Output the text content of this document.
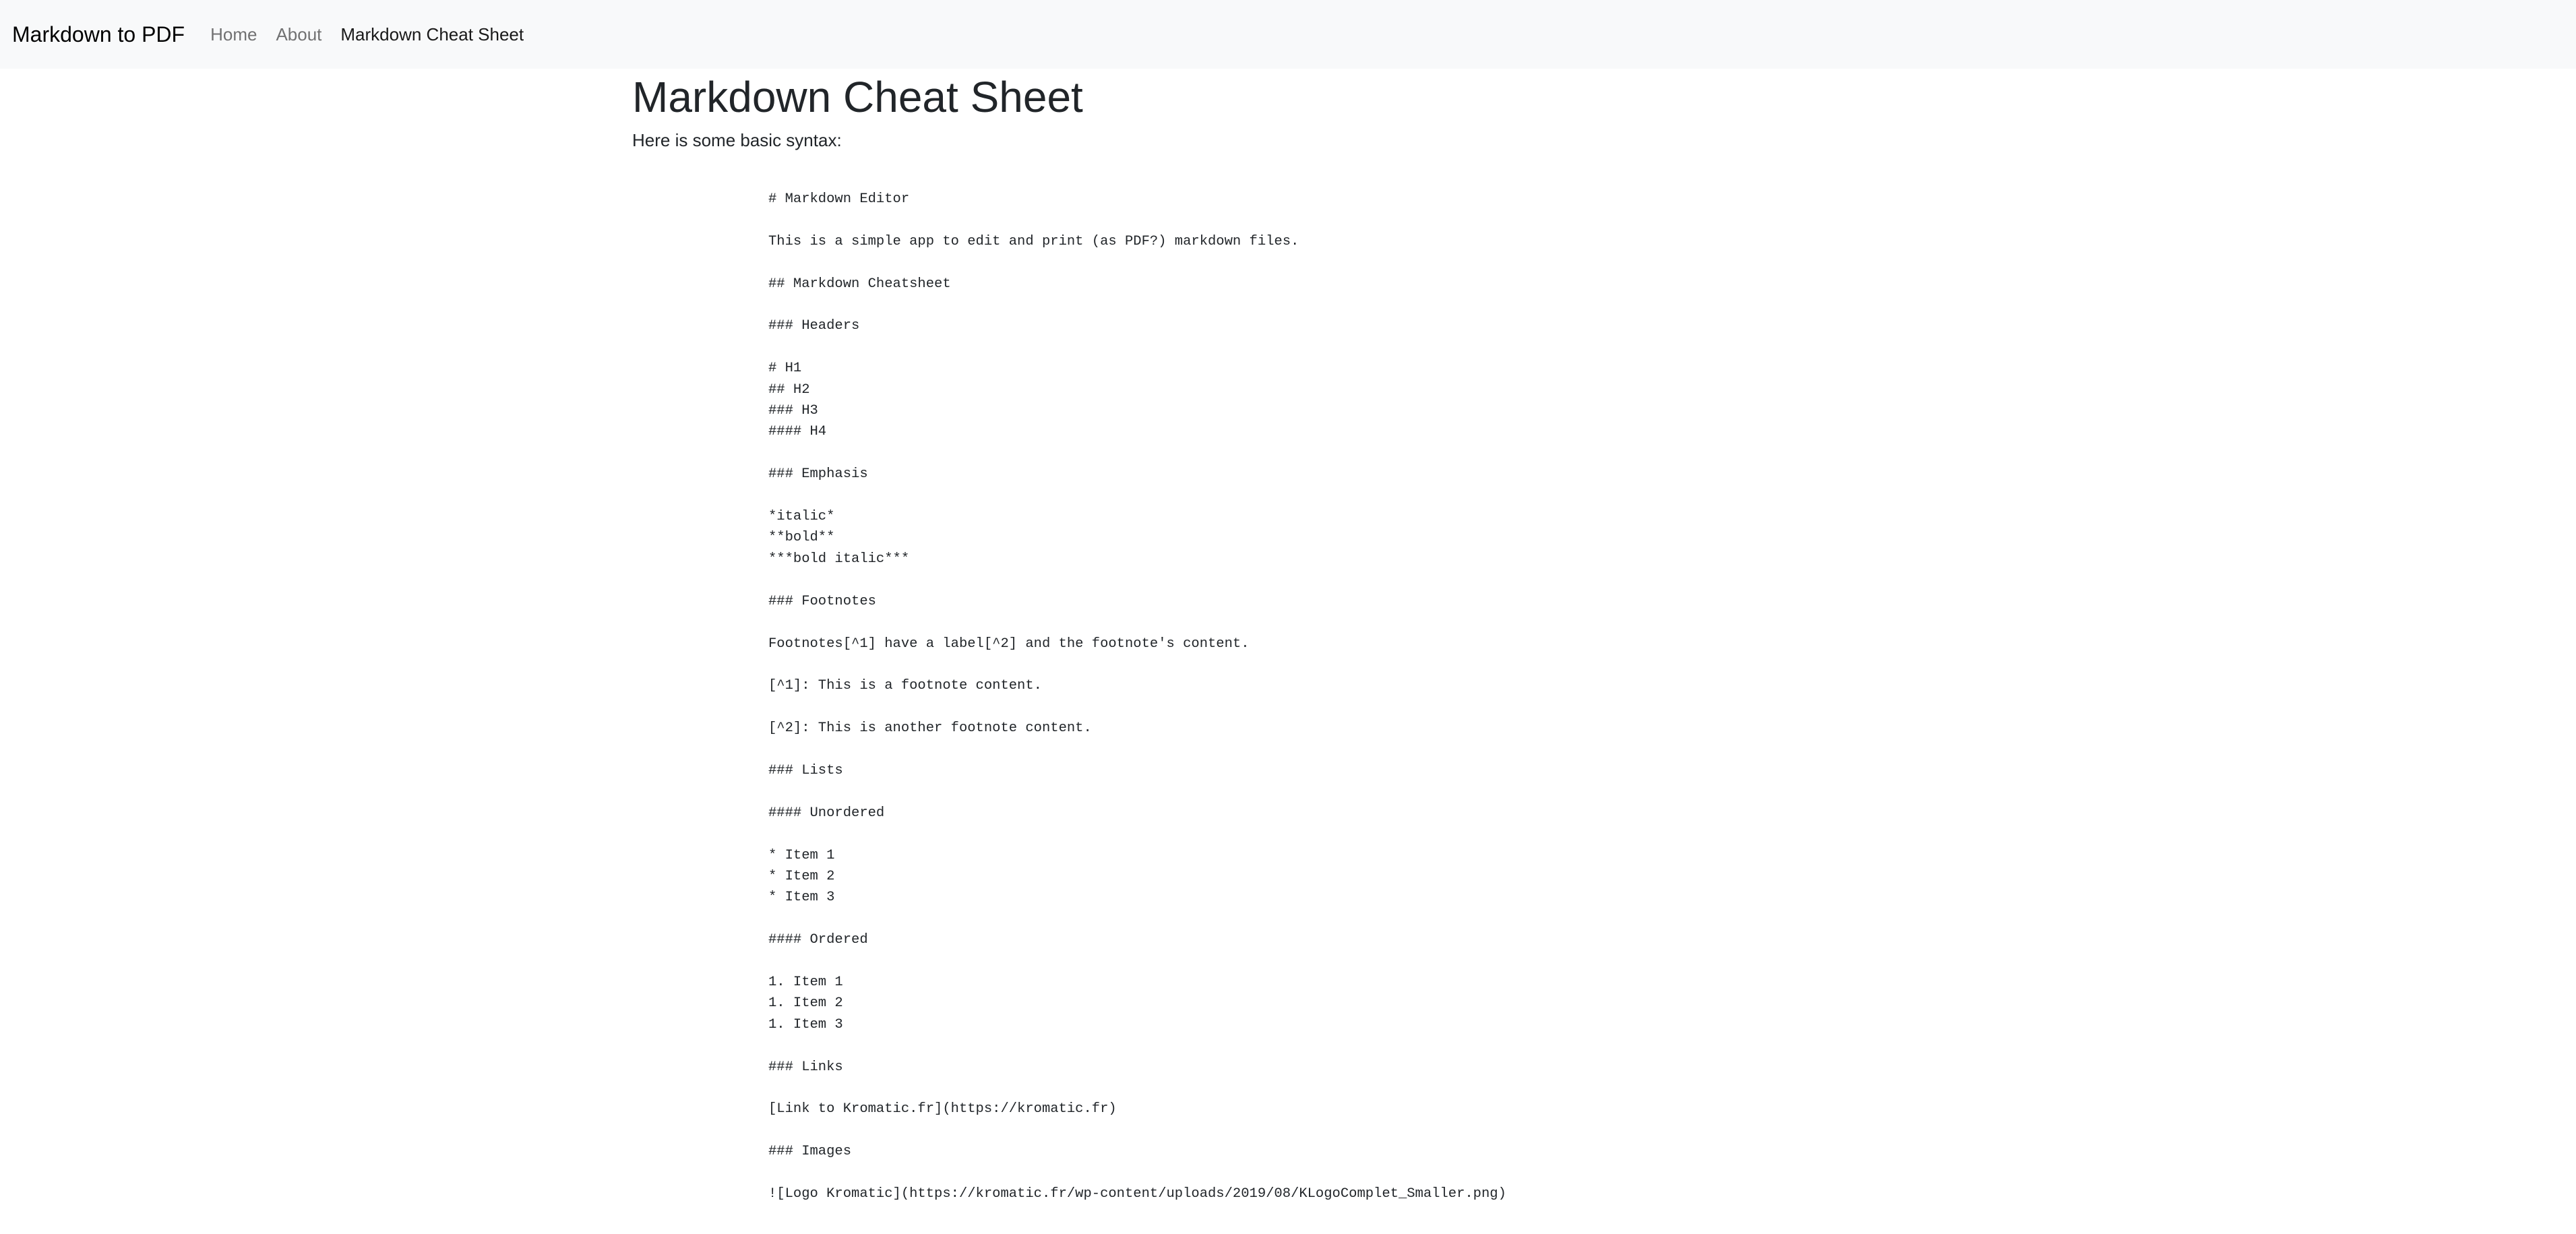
Markdown to PDF Home About Markdown Cheat Sheet
Markdown Cheat Sheet

Here is some basic syntax:

# Markdown Editor

This is a simple app to edit and print (as PDF?) markdown files.

## Markdown Cheatsheet

### Headers

# H1
## H2
### H3
#### H4

### Emphasis

*italic*
**bold**
***bold italic***

### Footnotes

Footnotes[^1] have a label[^2] and the footnote's content.

[^1]: This is a footnote content.

[^2]: This is another footnote content.

### Lists

#### Unordered

* Item 1
* Item 2
* Item 3

#### Ordered

1. Item 1
1. Item 2
1. Item 3

### Links

[Link to Kromatic.fr](https://kromatic.fr)

### Images

![Logo Kromatic](https://kromatic.fr/wp-content/uploads/2019/08/KLogoComplet_Smaller.png)
